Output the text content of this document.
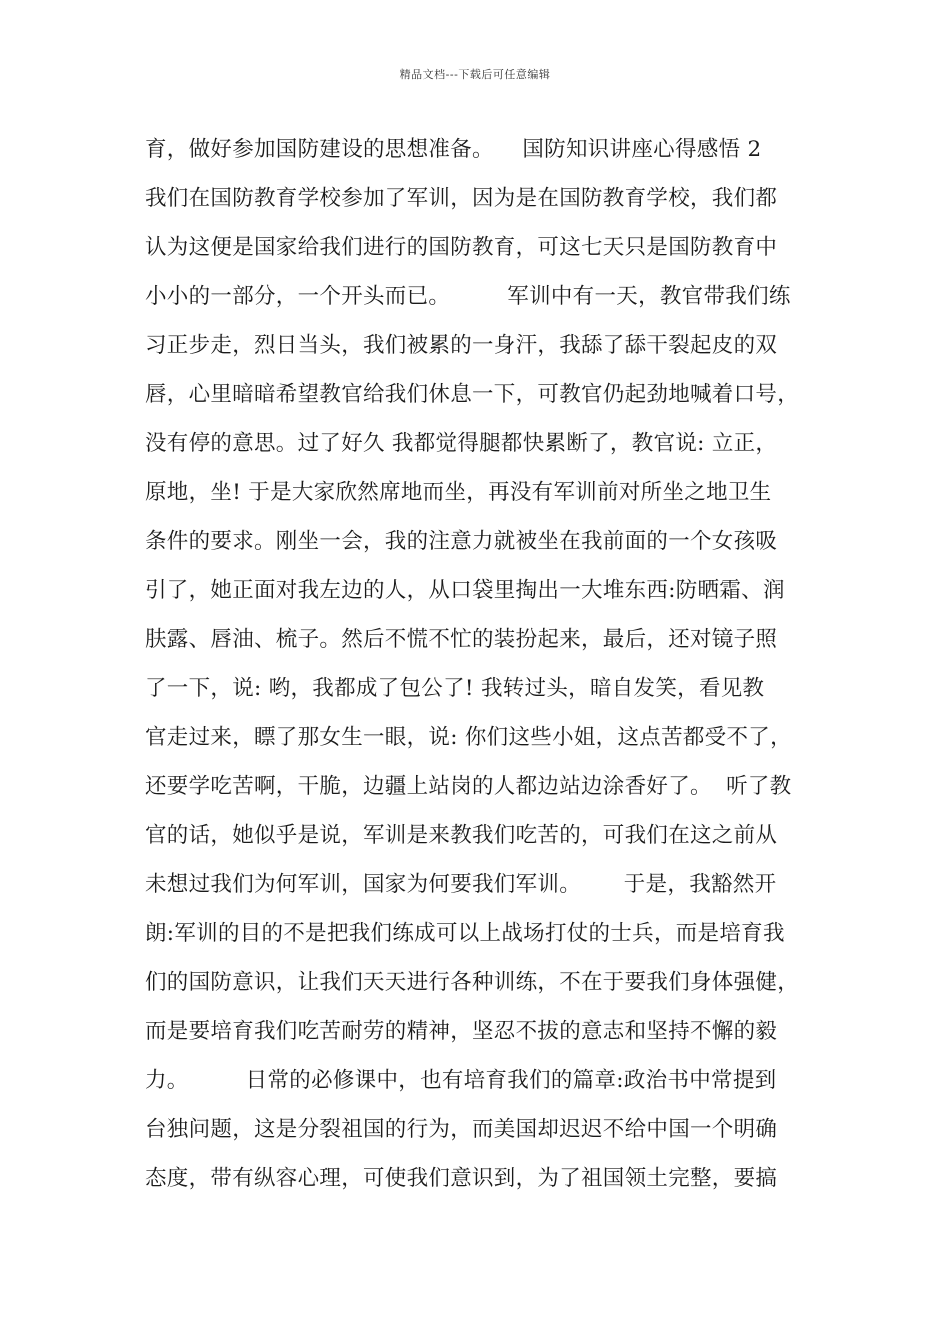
精品文档---下载后可任意编辑
育，做好参加国防建设的思想准备。    国防知识讲座心得感悟 2
我们在国防教育学校参加了军训，因为是在国防教育学校，我们都
认为这便是国家给我们进行的国防教育，可这七天只是国防教育中
小小的一部分，一个开头而已。        军训中有一天，教官带我们练
习正步走，烈日当头，我们被累的一身汗，我舔了舔干裂起皮的双
唇，心里暗暗希望教官给我们休息一下，可教官仍起劲地喊着口号，
没有停的意思。过了好久 我都觉得腿都快累断了，教官说: 立正，
原地，坐! 于是大家欣然席地而坐，再没有军训前对所坐之地卫生
条件的要求。刚坐一会，我的注意力就被坐在我前面的一个女孩吸
引了，她正面对我左边的人，从口袋里掏出一大堆东西:防晒霜、润
肤露、唇油、梳子。然后不慌不忙的装扮起来，最后，还对镜子照
了一下，说: 哟，我都成了包公了! 我转过头，暗自发笑，看见教
官走过来，瞟了那女生一眼，说: 你们这些小姐，这点苦都受不了，
还要学吃苦啊，干脆，边疆上站岗的人都边站边涂香好了。  听了教
官的话，她似乎是说，军训是来教我们吃苦的，可我们在这之前从
未想过我们为何军训，国家为何要我们军训。      于是，我豁然开
朗:军训的目的不是把我们练成可以上战场打仗的士兵，而是培育我
们的国防意识，让我们天天进行各种训练，不在于要我们身体强健，
而是要培育我们吃苦耐劳的精神，坚忍不拔的意志和坚持不懈的毅
力。        日常的必修课中，也有培育我们的篇章:政治书中常提到
台独问题，这是分裂祖国的行为，而美国却迟迟不给中国一个明确
态度，带有纵容心理，可使我们意识到，为了祖国领土完整，要搞
